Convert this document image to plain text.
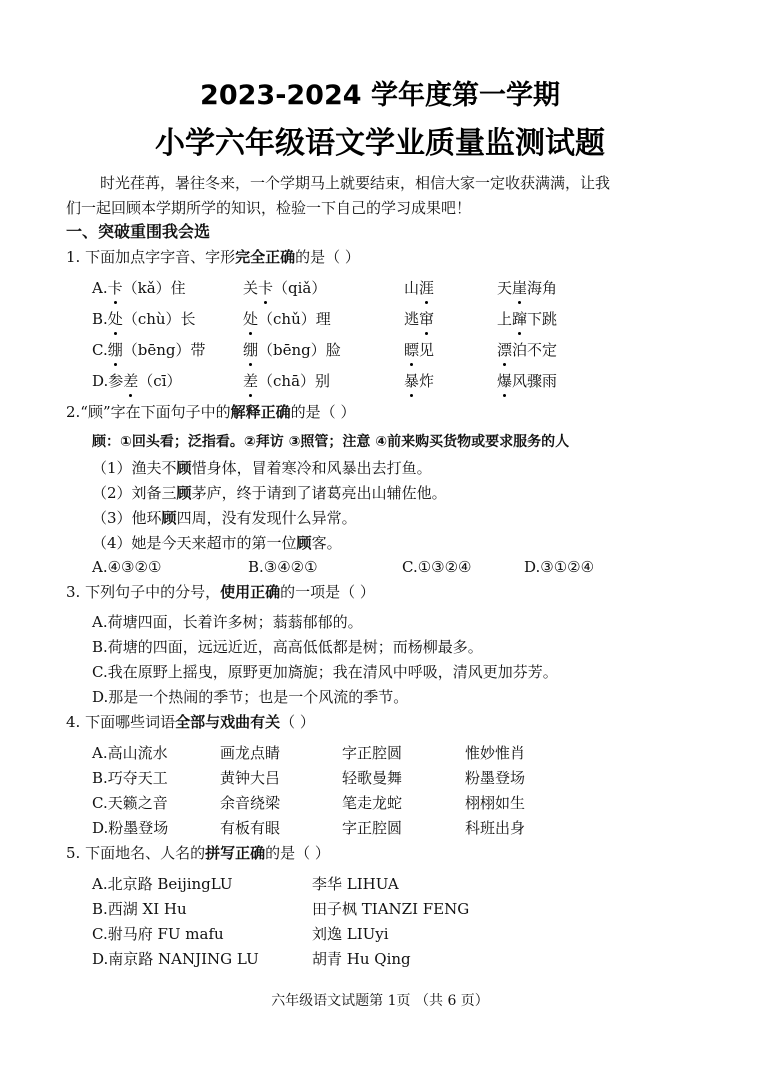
2023-2024 学年度第一学期
小学六年级语文学业质量监测试题
时光荏苒，暑往冬来，一个学期马上就要结束，相信大家一定收获满满，让我
们一起回顾本学期所学的知识，检验一下自己的学习成果吧！
一、突破重围我会选
1. 下面加点字字音、字形完全正确的是（ ）
A.卡（kǎ）住	关卡（qiǎ）	山涯	天崖海角
B.处（chù）长	处（chǔ）理	逃窜	上蹿下跳
C.绷（bēng）带	绷（bēng）脸	瞟见	漂泊不定
D.参差（cī）	差（chā）别	暴炸	爆风骤雨
2.“顾”字在下面句子中的解释正确的是（ ）
顾：①回头看；泛指看。②拜访 ③照管；注意 ④前来购买货物或要求服务的人
（1）渔夫不顾惜身体，冒着寒冷和风暴出去打鱼。
（2）刘备三顾茅庐，终于请到了诸葛亮出山辅佐他。
（3）他环顾四周，没有发现什么异常。
（4）她是今天来超市的第一位顾客。
A.④③②①	B.③④②①	C.①③②④	D.③①②④
3. 下列句子中的分号，使用正确的一项是（ ）
A.荷塘四面，长着许多树；蓊蓊郁郁的。
B.荷塘的四面，远远近近，高高低低都是树；而杨柳最多。
C.我在原野上摇曳，原野更加旖旎；我在清风中呼吸，清风更加芬芳。
D.那是一个热闹的季节；也是一个风流的季节。
4. 下面哪些词语全部与戏曲有关（ ）
A.高山流水	画龙点睛	字正腔圆	惟妙惟肖
B.巧夺天工	黄钟大吕	轻歌曼舞	粉墨登场
C.天籁之音	余音绕梁	笔走龙蛇	栩栩如生
D.粉墨登场	有板有眼	字正腔圆	科班出身
5. 下面地名、人名的拼写正确的是（ ）
A.北京路 BeijingLU	李华 LIHUA
B.西湖 XI Hu	田子枫 TIANZI FENG
C.驸马府 FU mafu	刘逸 LIUyi
D.南京路 NANJING LU	胡青 Hu Qing
六年级语文试题第 1页 （共 6 页）
